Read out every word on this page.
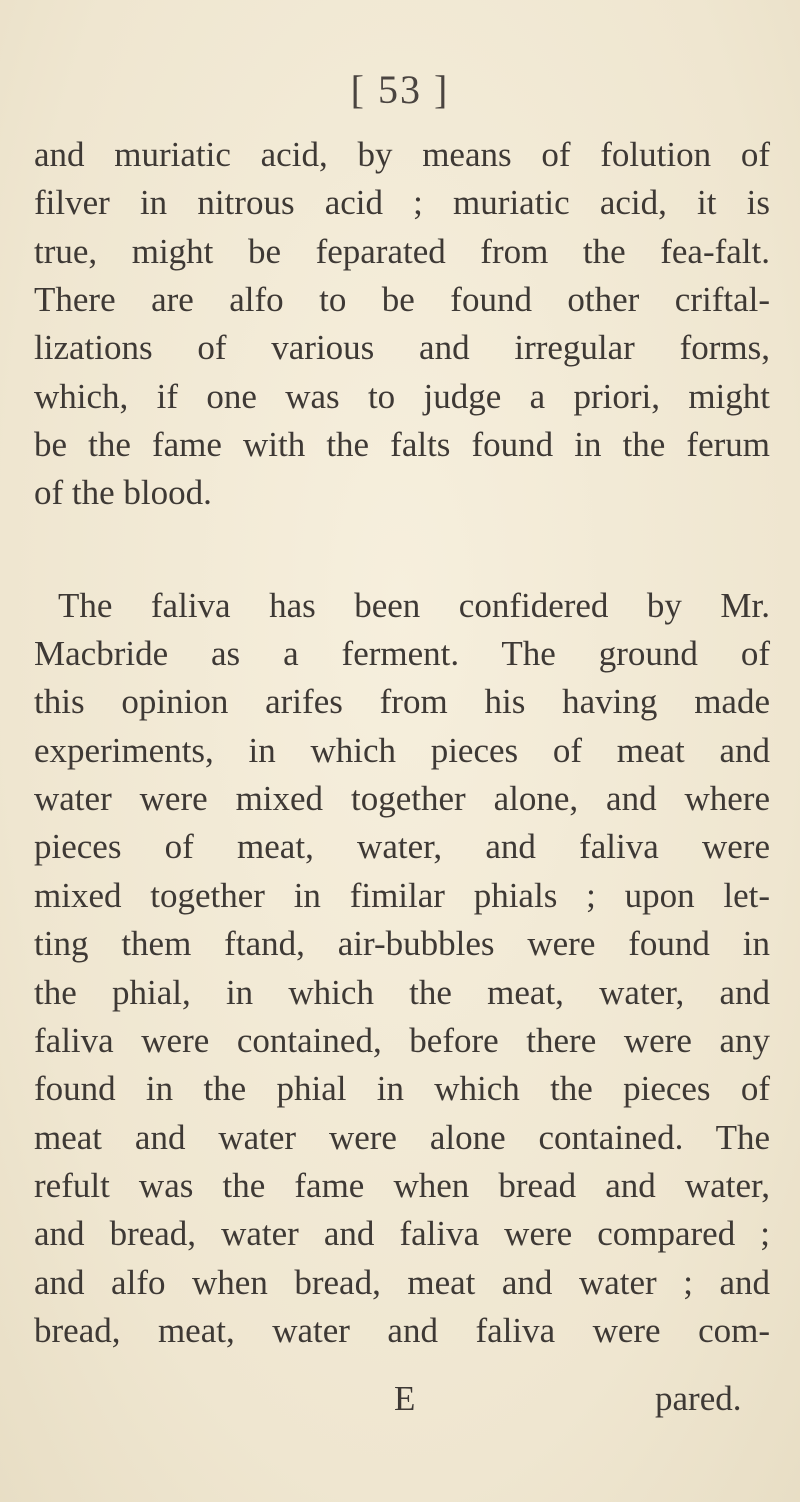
[ 53 ]
and muriatic acid, by means of folution of
filver in nitrous acid ; muriatic acid, it is
true, might be feparated from the fea-falt.
There are alfo to be found other criftal-
lizations of various and irregular forms,
which, if one was to judge a priori, might
be the fame with the falts found in the ferum
of the blood.
The faliva has been confidered by Mr.
Macbride as a ferment. The ground of
this opinion arifes from his having made
experiments, in which pieces of meat and
water were mixed together alone, and where
pieces of meat, water, and faliva were
mixed together in fimilar phials ; upon let-
ting them ftand, air-bubbles were found in
the phial, in which the meat, water, and
faliva were contained, before there were any
found in the phial in which the pieces of
meat and water were alone contained. The
refult was the fame when bread and water,
and bread, water and faliva were compared ;
and alfo when bread, meat and water ; and
bread, meat, water and faliva were com-
E	pared.
